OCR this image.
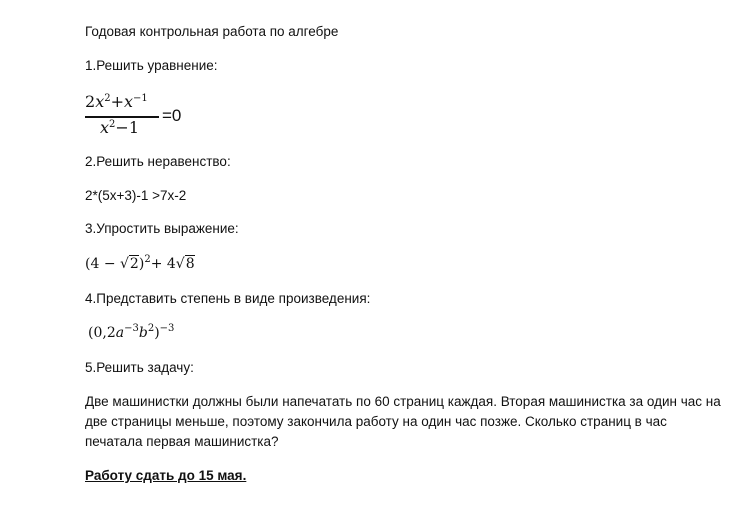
Годовая контрольная работа по алгебре
1.Решить уравнение:
$2x^2+x^{-1}$
$x^2-1$
=0
2.Решить неравенство:
2*(5x+3)-1 >7x-2
3.Упростить выражение:
$(4 - √2)^2+ 4√8$
4.Представить степень в виде произведения:
$(0,2a^{-3}b^2)^{-3}$
5.Решить задачу:
Две машинистки должны были напечатать по 60 страниц каждая. Вторая машинистка за один час на две страницы меньше, поэтому закончила работу на один час позже. Сколько страниц в час печатала первая машинистка?
Работу сдать до 15 мая.
